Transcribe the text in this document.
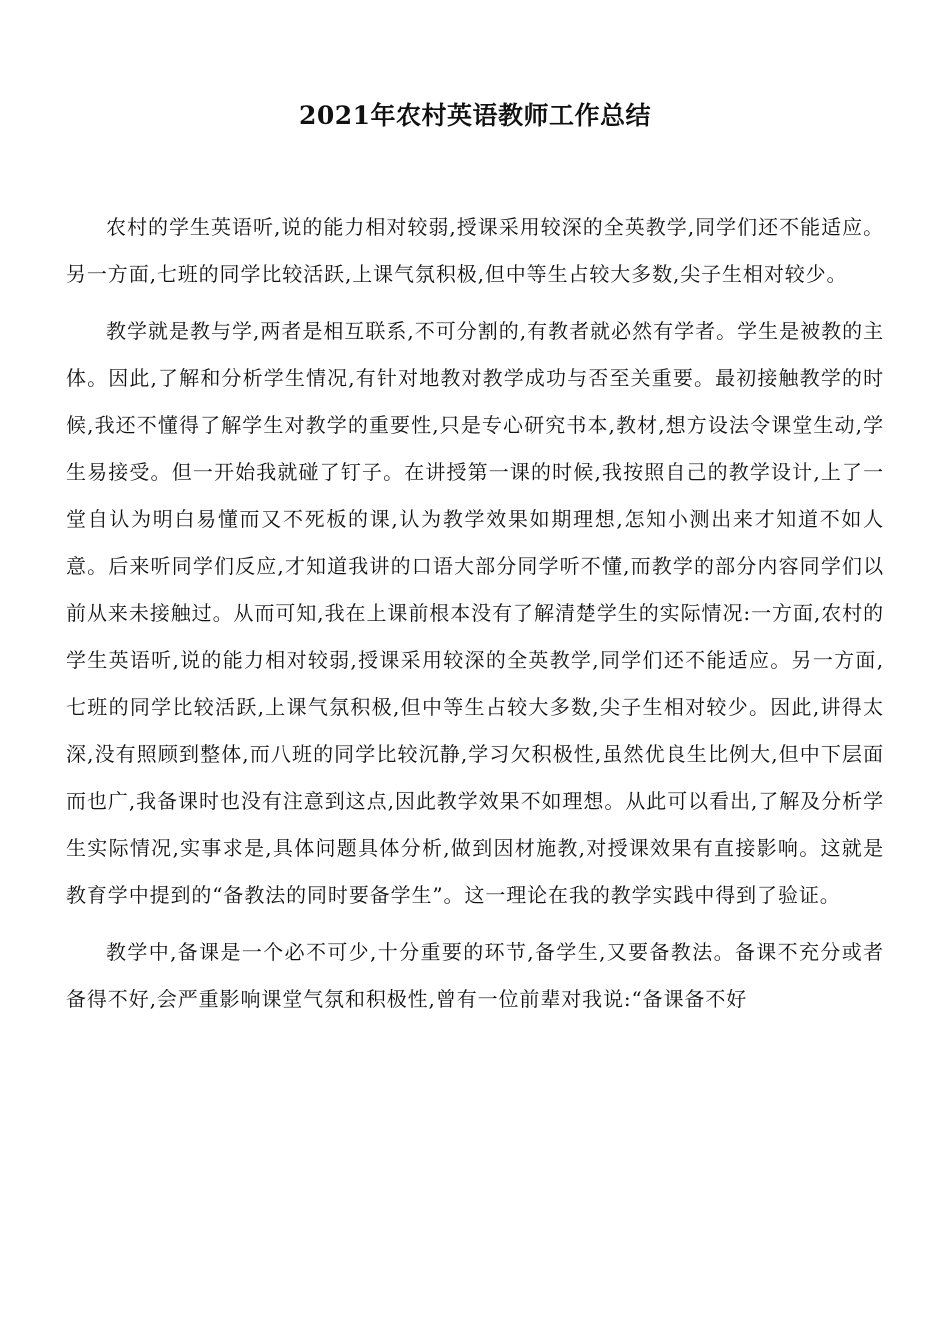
2021年农村英语教师工作总结

农村的学生英语听,说的能力相对较弱,授课采用较深的全英教学,同学们还不能适应。另一方面,七班的同学比较活跃,上课气氛积极,但中等生占较大多数,尖子生相对较少。

教学就是教与学,两者是相互联系,不可分割的,有教者就必然有学者。学生是被教的主体。因此,了解和分析学生情况,有针对地教对教学成功与否至关重要。最初接触教学的时候,我还不懂得了解学生对教学的重要性,只是专心研究书本,教材,想方设法令课堂生动,学生易接受。但一开始我就碰了钉子。在讲授第一课的时候,我按照自己的教学设计,上了一堂自认为明白易懂而又不死板的课,认为教学效果如期理想,怎知小测出来才知道不如人意。后来听同学们反应,才知道我讲的口语大部分同学听不懂,而教学的部分内容同学们以前从来未接触过。从而可知,我在上课前根本没有了解清楚学生的实际情况:一方面,农村的学生英语听,说的能力相对较弱,授课采用较深的全英教学,同学们还不能适应。另一方面,七班的同学比较活跃,上课气氛积极,但中等生占较大多数,尖子生相对较少。因此,讲得太深,没有照顾到整体,而八班的同学比较沉静,学习欠积极性,虽然优良生比例大,但中下层面而也广,我备课时也没有注意到这点,因此教学效果不如理想。从此可以看出,了解及分析学生实际情况,实事求是,具体问题具体分析,做到因材施教,对授课效果有直接影响。这就是教育学中提到的“备教法的同时要备学生”。这一理论在我的教学实践中得到了验证。

教学中,备课是一个必不可少,十分重要的环节,备学生,又要备教法。备课不充分或者备得不好,会严重影响课堂气氛和积极性,曾有一位前辈对我说:“备课备不好
